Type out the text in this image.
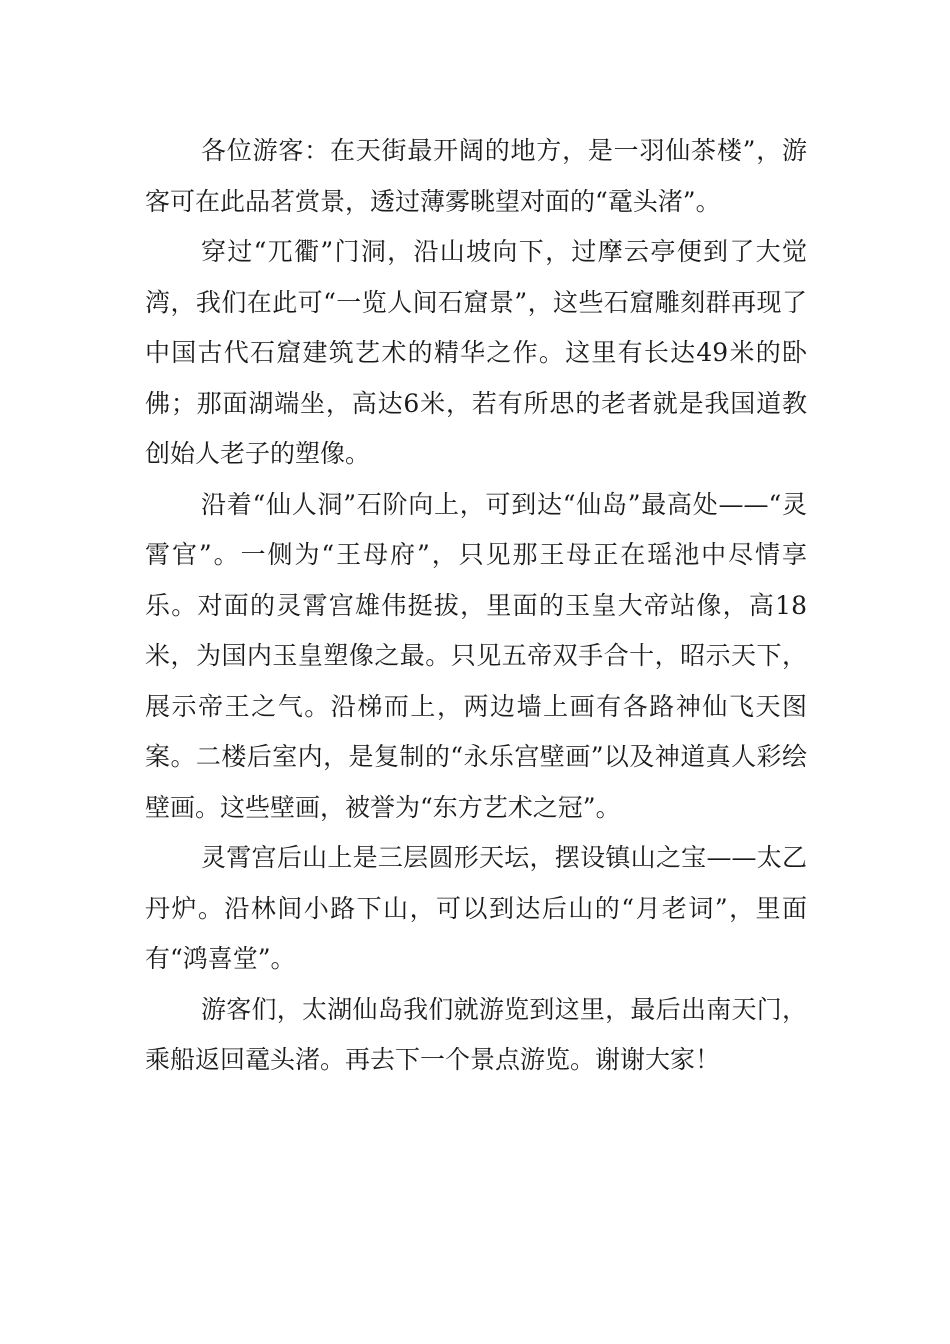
各位游客：在天街最开阔的地方，是一羽仙茶楼”，游客可在此品茗赏景，透过薄雾眺望对面的“鼋头渚”。

穿过“兀衢”门洞，沿山坡向下，过摩云亭便到了大觉湾，我们在此可“一览人间石窟景”，这些石窟雕刻群再现了中国古代石窟建筑艺术的精华之作。这里有长达49米的卧佛；那面湖端坐，高达6米，若有所思的老者就是我国道教创始人老子的塑像。

沿着“仙人洞”石阶向上，可到达“仙岛”最高处——“灵霄官”。一侧为“王母府”，只见那王母正在瑶池中尽情享乐。对面的灵霄宫雄伟挺拔，里面的玉皇大帝站像，高18米，为国内玉皇塑像之最。只见五帝双手合十，昭示天下，展示帝王之气。沿梯而上，两边墙上画有各路神仙飞天图案。二楼后室内，是复制的“永乐宫壁画”以及神道真人彩绘壁画。这些壁画，被誉为“东方艺术之冠”。

灵霄宫后山上是三层圆形天坛，摆设镇山之宝——太乙丹炉。沿林间小路下山，可以到达后山的“月老词”，里面有“鸿喜堂”。

游客们，太湖仙岛我们就游览到这里，最后出南天门，乘船返回鼋头渚。再去下一个景点游览。谢谢大家！
